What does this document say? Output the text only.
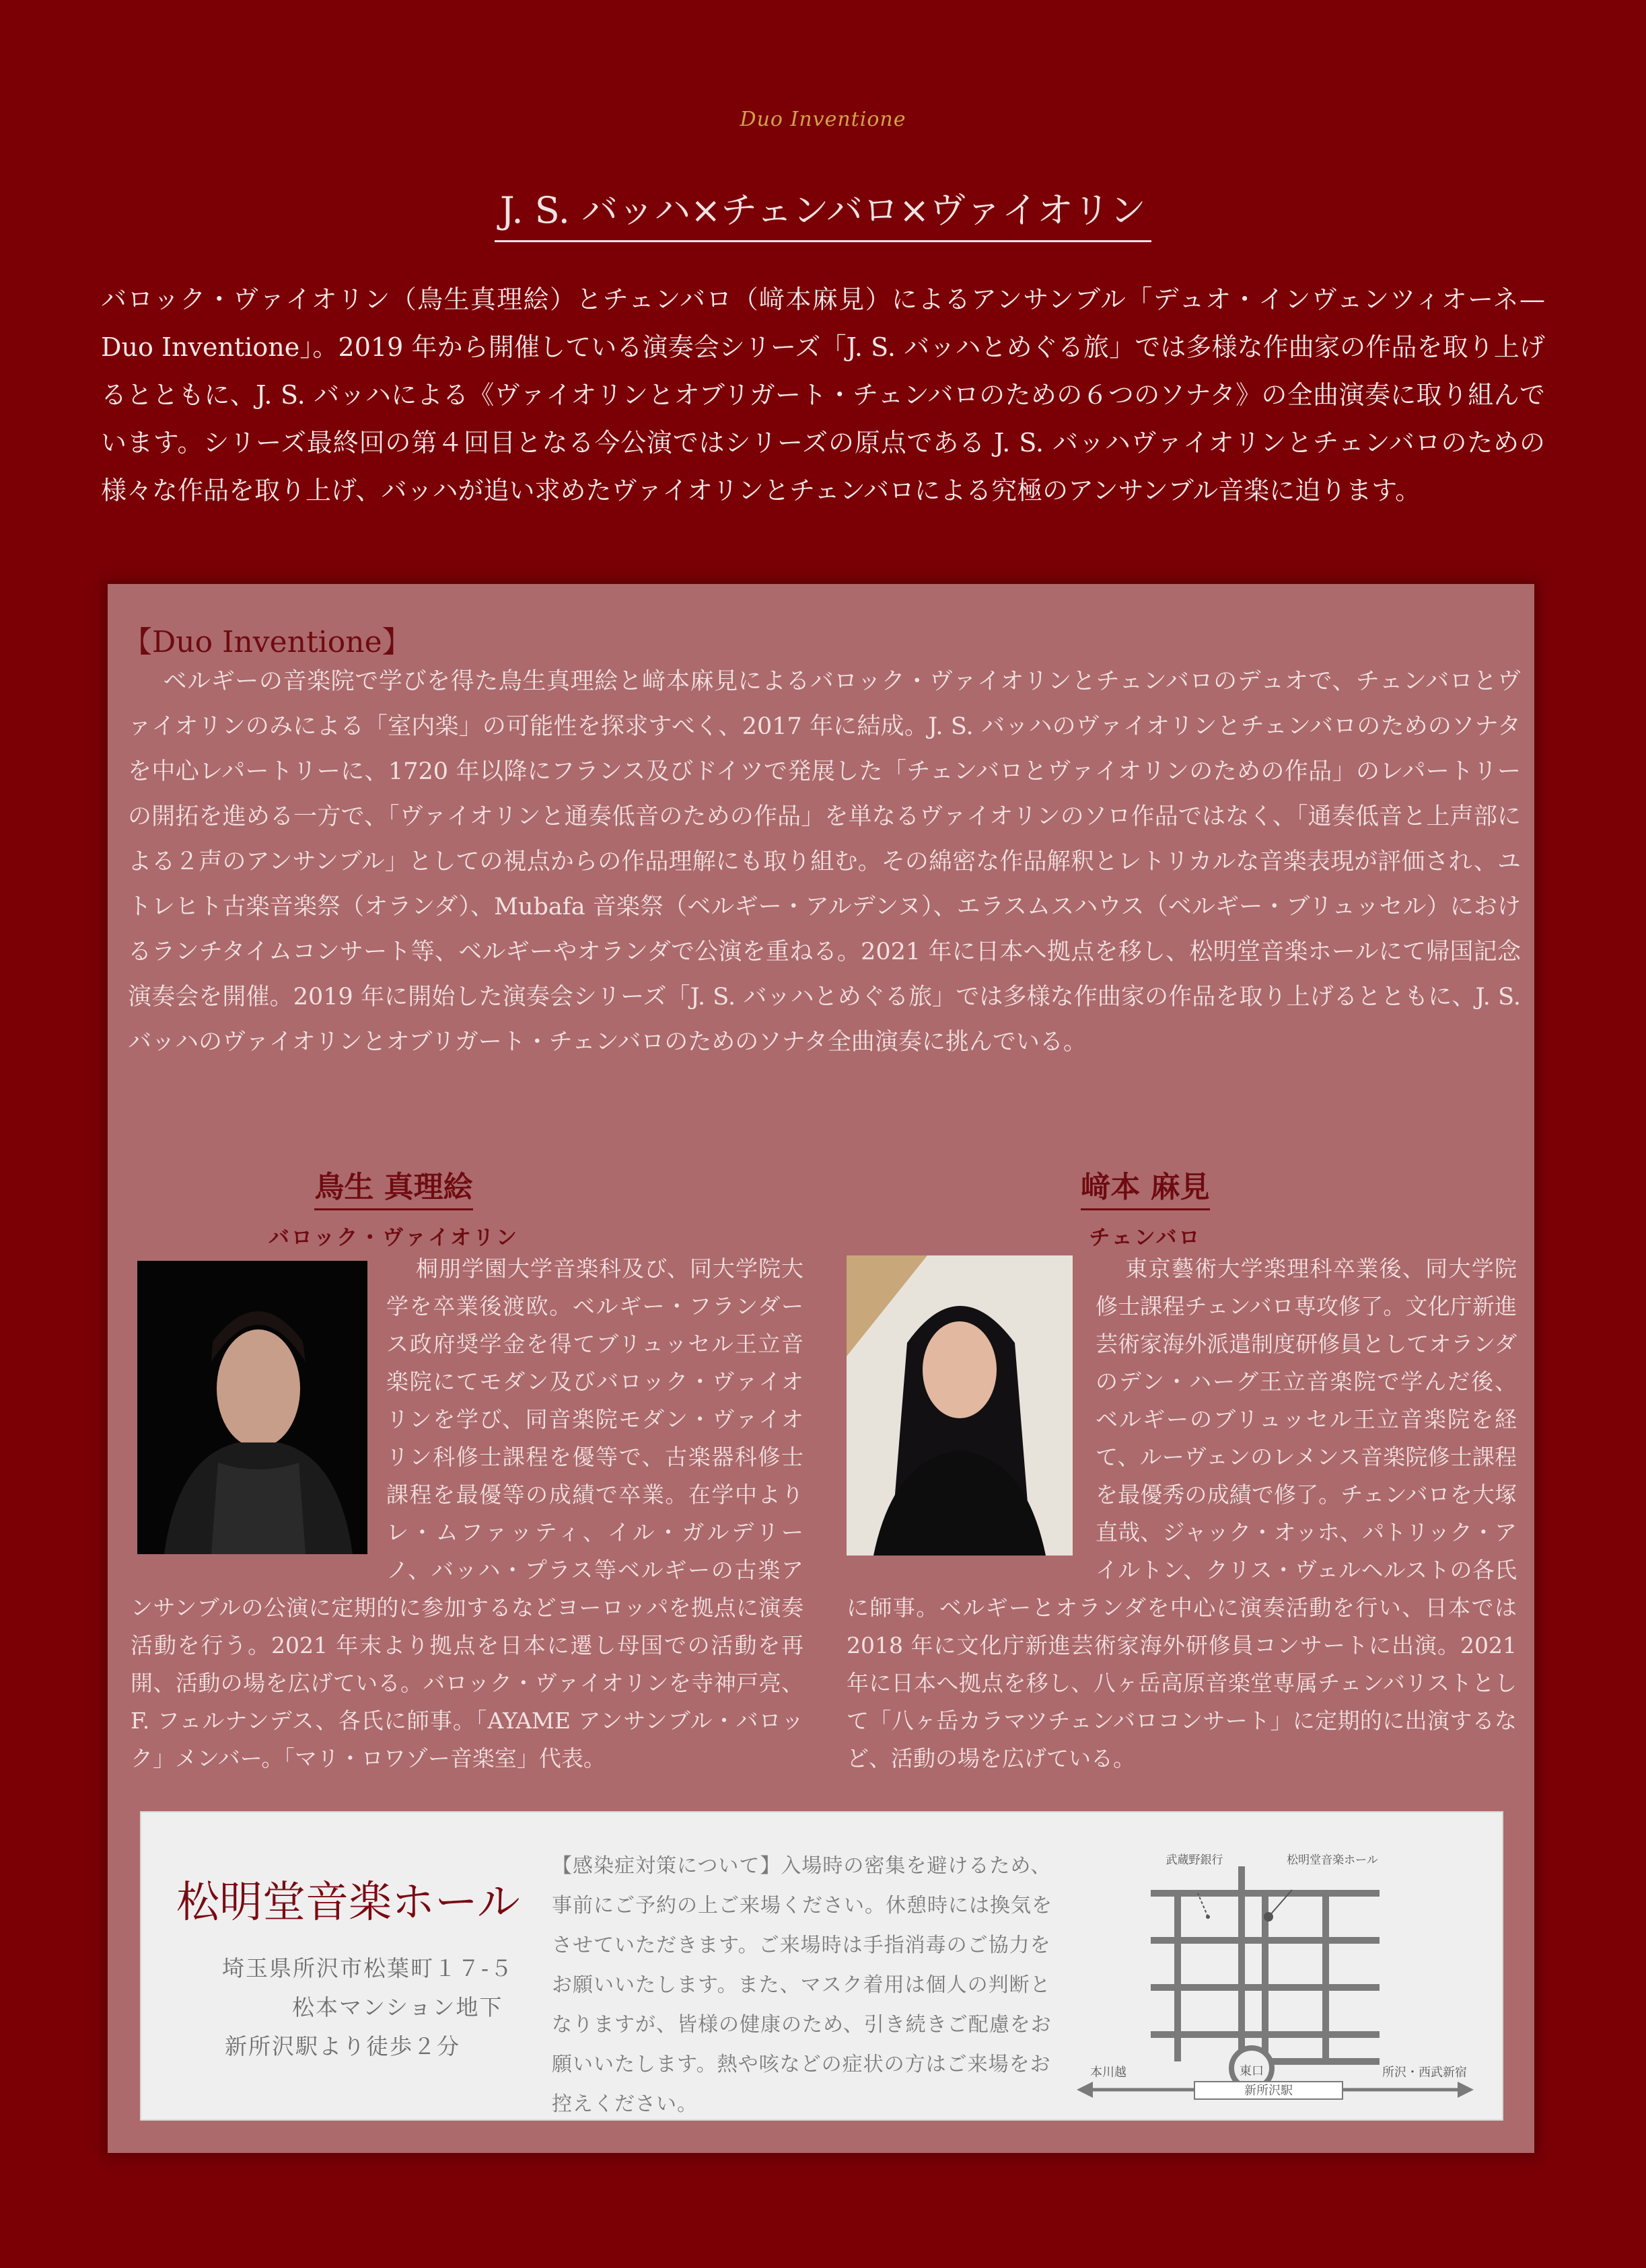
Duo Inventione
J. S. バッハ×チェンバロ×ヴァイオリン

バロック・ヴァイオリン（鳥生真理絵）とチェンバロ（﨑本麻見）によるアンサンブル「デュオ・インヴェンツィオーネ—Duo Inventione」。2019 年から開催している演奏会シリーズ「J. S. バッハとめぐる旅」では多様な作曲家の作品を取り上げるとともに、J. S. バッハによる《ヴァイオリンとオブリガート・チェンバロのための６つのソナタ》の全曲演奏に取り組んでいます。シリーズ最終回の第４回目となる今公演ではシリーズの原点である J. S. バッハヴァイオリンとチェンバロのための様々な作品を取り上げ、バッハが追い求めたヴァイオリンとチェンバロによる究極のアンサンブル音楽に迫ります。

【Duo Inventione】

ベルギーの音楽院で学びを得た鳥生真理絵と﨑本麻見によるバロック・ヴァイオリンとチェンバロのデュオで、チェンバロとヴァイオリンのみによる「室内楽」の可能性を探求すべく、2017 年に結成。J. S. バッハのヴァイオリンとチェンバロのためのソナタを中心レパートリーに、1720 年以降にフランス及びドイツで発展した「チェンバロとヴァイオリンのための作品」のレパートリーの開拓を進める一方で、「ヴァイオリンと通奏低音のための作品」を単なるヴァイオリンのソロ作品ではなく、「通奏低音と上声部による２声のアンサンブル」としての視点からの作品理解にも取り組む。その綿密な作品解釈とレトリカルな音楽表現が評価され、ユトレヒト古楽音楽祭（オランダ）、Mubafa 音楽祭（ベルギー・アルデンヌ）、エラスムスハウス（ベルギー・ブリュッセル）におけるランチタイムコンサート等、ベルギーやオランダで公演を重ねる。2021 年に日本へ拠点を移し、松明堂音楽ホールにて帰国記念演奏会を開催。2019 年に開始した演奏会シリーズ「J. S. バッハとめぐる旅」では多様な作曲家の作品を取り上げるとともに、J. S. バッハのヴァイオリンとオブリガート・チェンバロのためのソナタ全曲演奏に挑んでいる。

鳥生 真理絵
バロック・ヴァイオリン
桐朋学園大学音楽科及び、同大学院大学を卒業後渡欧。ベルギー・フランダース政府奨学金を得てブリュッセル王立音楽院にてモダン及びバロック・ヴァイオリンを学び、同音楽院モダン・ヴァイオリン科修士課程を優等で、古楽器科修士課程を最優等の成績で卒業。在学中よりレ・ムファッティ、イル・ガルデリーノ、バッハ・プラス等ベルギーの古楽アンサンブルの公演に定期的に参加するなどヨーロッパを拠点に演奏活動を行う。2021 年末より拠点を日本に遷し母国での活動を再開、活動の場を広げている。バロック・ヴァイオリンを寺神戸亮、F. フェルナンデス、各氏に師事。「AYAME アンサンブル・バロック」メンバー。「マリ・ロワゾー音楽室」代表。
﨑本 麻見
チェンバロ
東京藝術大学楽理科卒業後、同大学院修士課程チェンバロ専攻修了。文化庁新進芸術家海外派遣制度研修員としてオランダのデン・ハーグ王立音楽院で学んだ後、ベルギーのブリュッセル王立音楽院を経て、ルーヴェンのレメンス音楽院修士課程を最優秀の成績で修了。チェンバロを大塚直哉、ジャック・オッホ、パトリック・アイルトン、クリス・ヴェルヘルストの各氏に師事。ベルギーとオランダを中心に演奏活動を行い、日本では 2018 年に文化庁新進芸術家海外研修員コンサートに出演。2021 年に日本へ拠点を移し、八ヶ岳高原音楽堂専属チェンバリストとして「八ヶ岳カラマツチェンバロコンサート」に定期的に出演するなど、活動の場を広げている。
松明堂音楽ホール
埼玉県所沢市松葉町１７-５
松本マンション地下
新所沢駅より徒歩２分

【感染症対策について】入場時の密集を避けるため、事前にご予約の上ご来場ください。休憩時には換気をさせていただきます。ご来場時は手指消毒のご協力をお願いいたします。また、マスク着用は個人の判断となりますが、皆様の健康のため、引き続きご配慮をお願いいたします。熱や咳などの症状の方はご来場をお控えください。

東口
武蔵野銀行	松明堂音楽ホール
本川越	所沢・西武新宿
新所沢駅
